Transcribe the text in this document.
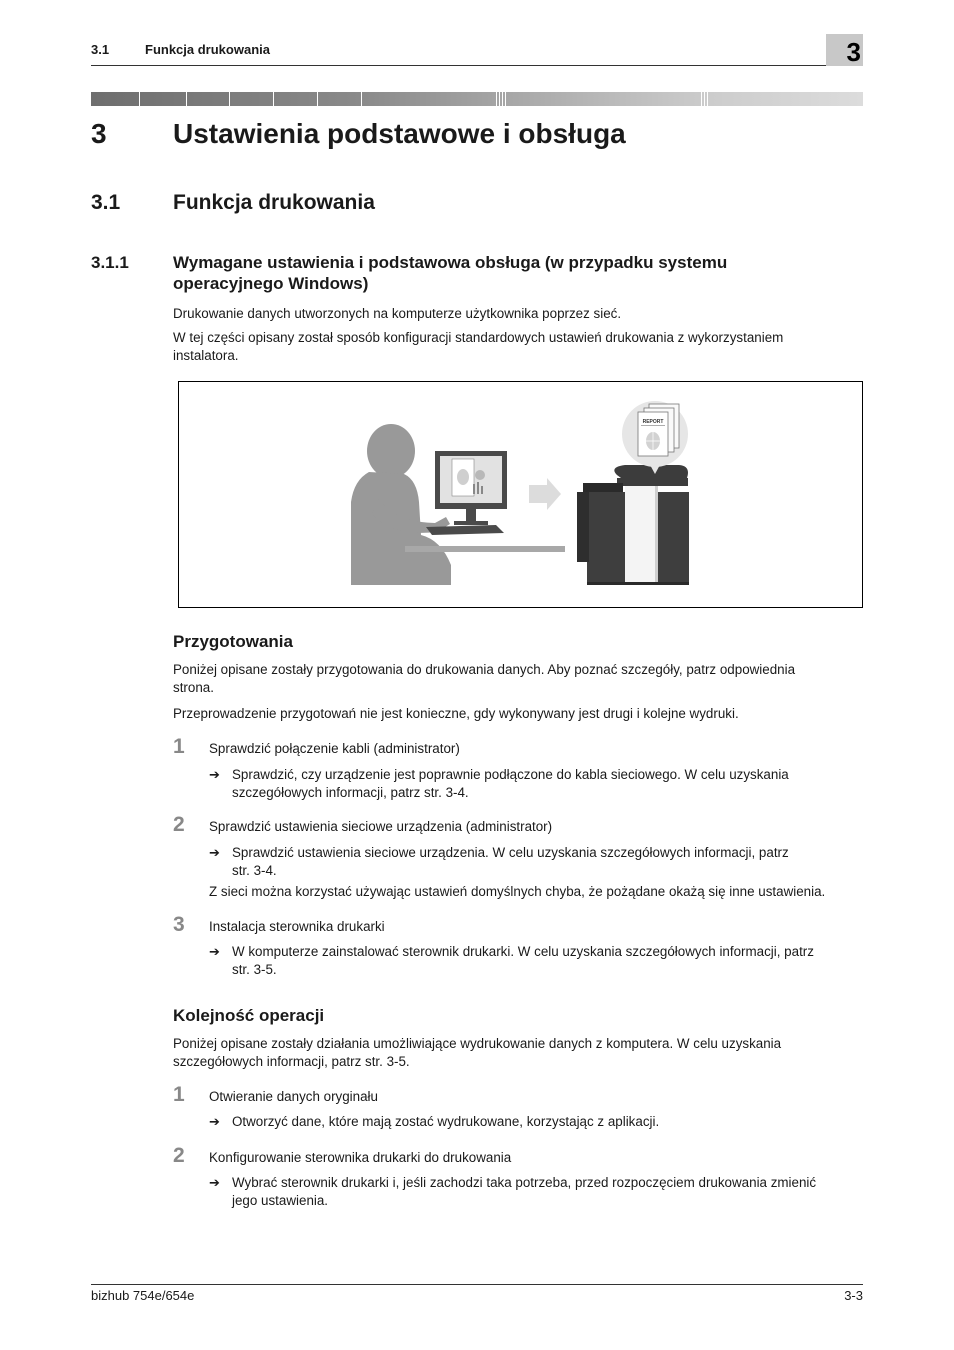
3.1	Funkcja drukowania	3
3 Ustawienia podstawowe i obsługa
3.1	Funkcja drukowania
3.1.1	Wymagane ustawienia i podstawowa obsługa (w przypadku systemu
operacyjnego Windows)
Drukowanie danych utworzonych na komputerze użytkownika poprzez sieć.
W tej części opisany został sposób konfiguracji standardowych ustawień drukowania z wykorzystaniem
instalatora.
REPORT
Przygotowania
Poniżej opisane zostały przygotowania do drukowania danych. Aby poznać szczegóły, patrz odpowiednia
strona.
Przeprowadzenie przygotowań nie jest konieczne, gdy wykonywany jest drugi i kolejne wydruki.
1 Sprawdzić połączenie kabli (administrator)
➔ Sprawdzić, czy urządzenie jest poprawnie podłączone do kabla sieciowego. W celu uzyskania
szczegółowych informacji, patrz str. 3-4.
2 Sprawdzić ustawienia sieciowe urządzenia (administrator)
➔ Sprawdzić ustawienia sieciowe urządzenia. W celu uzyskania szczegółowych informacji, patrz
str. 3-4.
Z sieci można korzystać używając ustawień domyślnych chyba, że pożądane okażą się inne ustawienia.
3 Instalacja sterownika drukarki
➔ W komputerze zainstalować sterownik drukarki. W celu uzyskania szczegółowych informacji, patrz
str. 3-5.
Kolejność operacji
Poniżej opisane zostały działania umożliwiające wydrukowanie danych z komputera. W celu uzyskania
szczegółowych informacji, patrz str. 3-5.
1 Otwieranie danych oryginału
➔ Otworzyć dane, które mają zostać wydrukowane, korzystając z aplikacji.
2 Konfigurowanie sterownika drukarki do drukowania
➔ Wybrać sterownik drukarki i, jeśli zachodzi taka potrzeba, przed rozpoczęciem drukowania zmienić
jego ustawienia.
bizhub 754e/654e	3-3
